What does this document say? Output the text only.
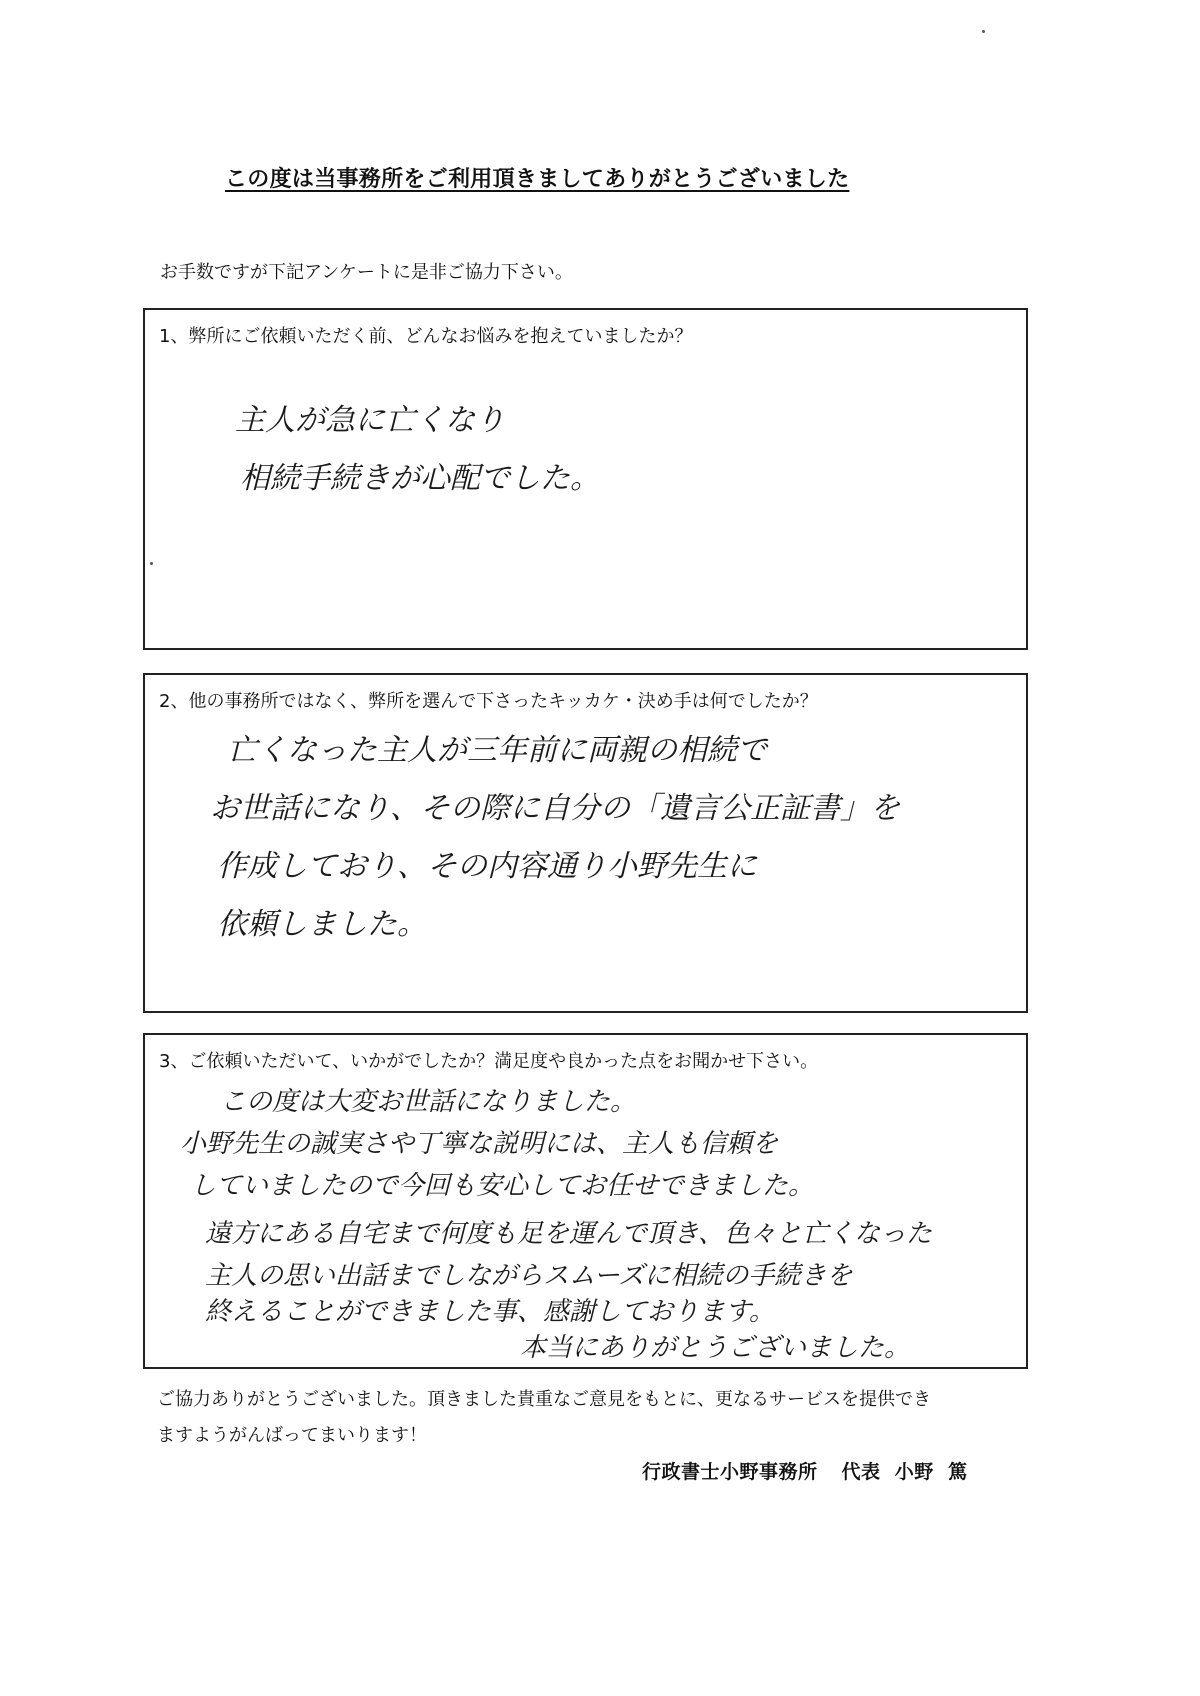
この度は当事務所をご利用頂きましてありがとうございました
お手数ですが下記アンケートに是非ご協力下さい。
1、弊所にご依頼いただく前、どんなお悩みを抱えていましたか？
主人が急に亡くなり
相続手続きが心配でした。
2、他の事務所ではなく、弊所を選んで下さったキッカケ・決め手は何でしたか？
亡くなった主人が三年前に両親の相続で
お世話になり、その際に自分の「遺言公正証書」を
作成しており、その内容通り小野先生に
依頼しました。
3、ご依頼いただいて、いかがでしたか？満足度や良かった点をお聞かせ下さい。
この度は大変お世話になりました。
小野先生の誠実さや丁寧な説明には、主人も信頼を
していましたので今回も安心してお任せできました。
遠方にある自宅まで何度も足を運んで頂き、色々と亡くなった
主人の思い出話までしながらスムーズに相続の手続きを
終えることができました事、感謝しております。
本当にありがとうございました。
ご協力ありがとうございました。頂きました貴重なご意見をもとに、更なるサービスを提供でき
ますようがんばってまいります！
行政書士小野事務所 代表 小野 篤
